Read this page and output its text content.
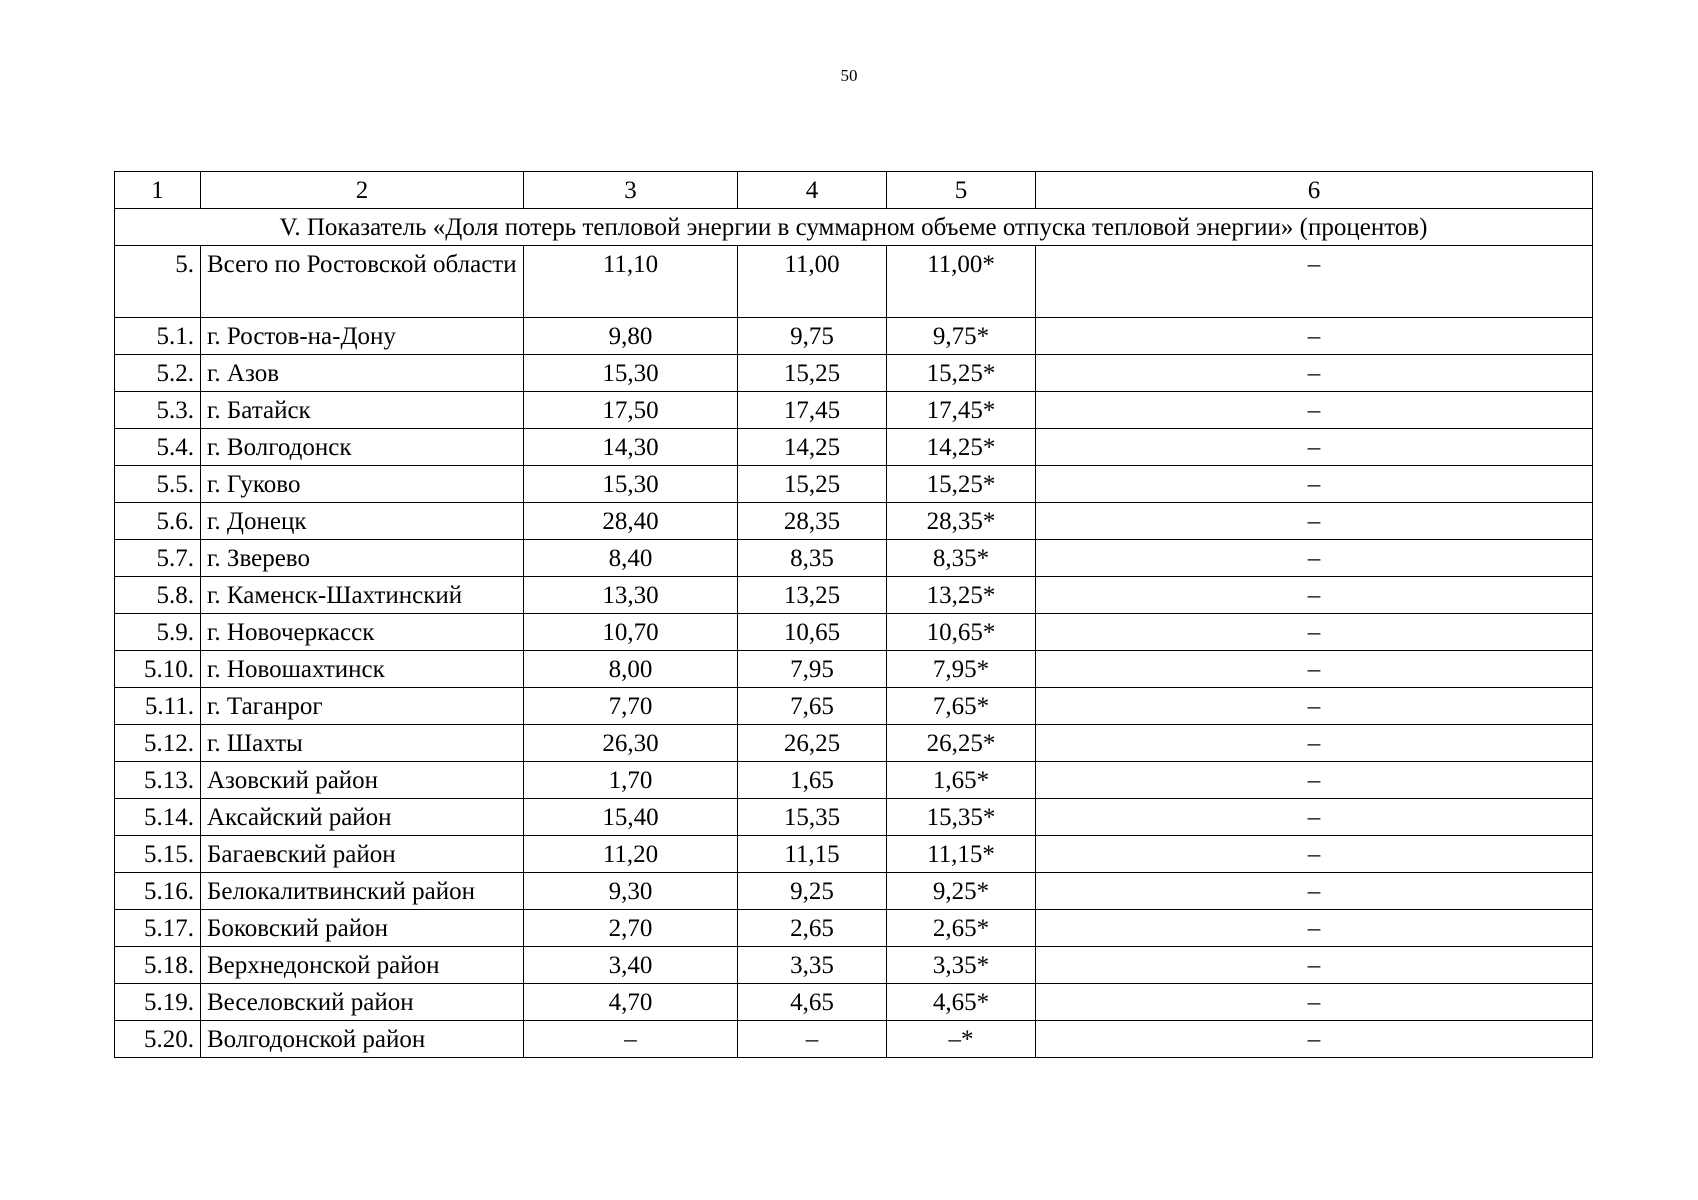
50
1	2	3	4	5	6
V. Показатель «Доля потерь тепловой энергии в суммарном объеме отпуска тепловой энергии» (процентов)					
5.	Всего по Ростовской области	11,10	11,00	11,00*	–
5.1.	г. Ростов-на-Дону	9,80	9,75	9,75*	–
5.2.	г. Азов	15,30	15,25	15,25*	–
5.3.	г. Батайск	17,50	17,45	17,45*	–
5.4.	г. Волгодонск	14,30	14,25	14,25*	–
5.5.	г. Гуково	15,30	15,25	15,25*	–
5.6.	г. Донецк	28,40	28,35	28,35*	–
5.7.	г. Зверево	8,40	8,35	8,35*	–
5.8.	г. Каменск-Шахтинский	13,30	13,25	13,25*	–
5.9.	г. Новочеркасск	10,70	10,65	10,65*	–
5.10.	г. Новошахтинск	8,00	7,95	7,95*	–
5.11.	г. Таганрог	7,70	7,65	7,65*	–
5.12.	г. Шахты	26,30	26,25	26,25*	–
5.13.	Азовский район	1,70	1,65	1,65*	–
5.14.	Аксайский район	15,40	15,35	15,35*	–
5.15.	Багаевский район	11,20	11,15	11,15*	–
5.16.	Белокалитвинский район	9,30	9,25	9,25*	–
5.17.	Боковский район	2,70	2,65	2,65*	–
5.18.	Верхнедонской район	3,40	3,35	3,35*	–
5.19.	Веселовский район	4,70	4,65	4,65*	–
5.20.	Волгодонской район	–	–	–*	–
